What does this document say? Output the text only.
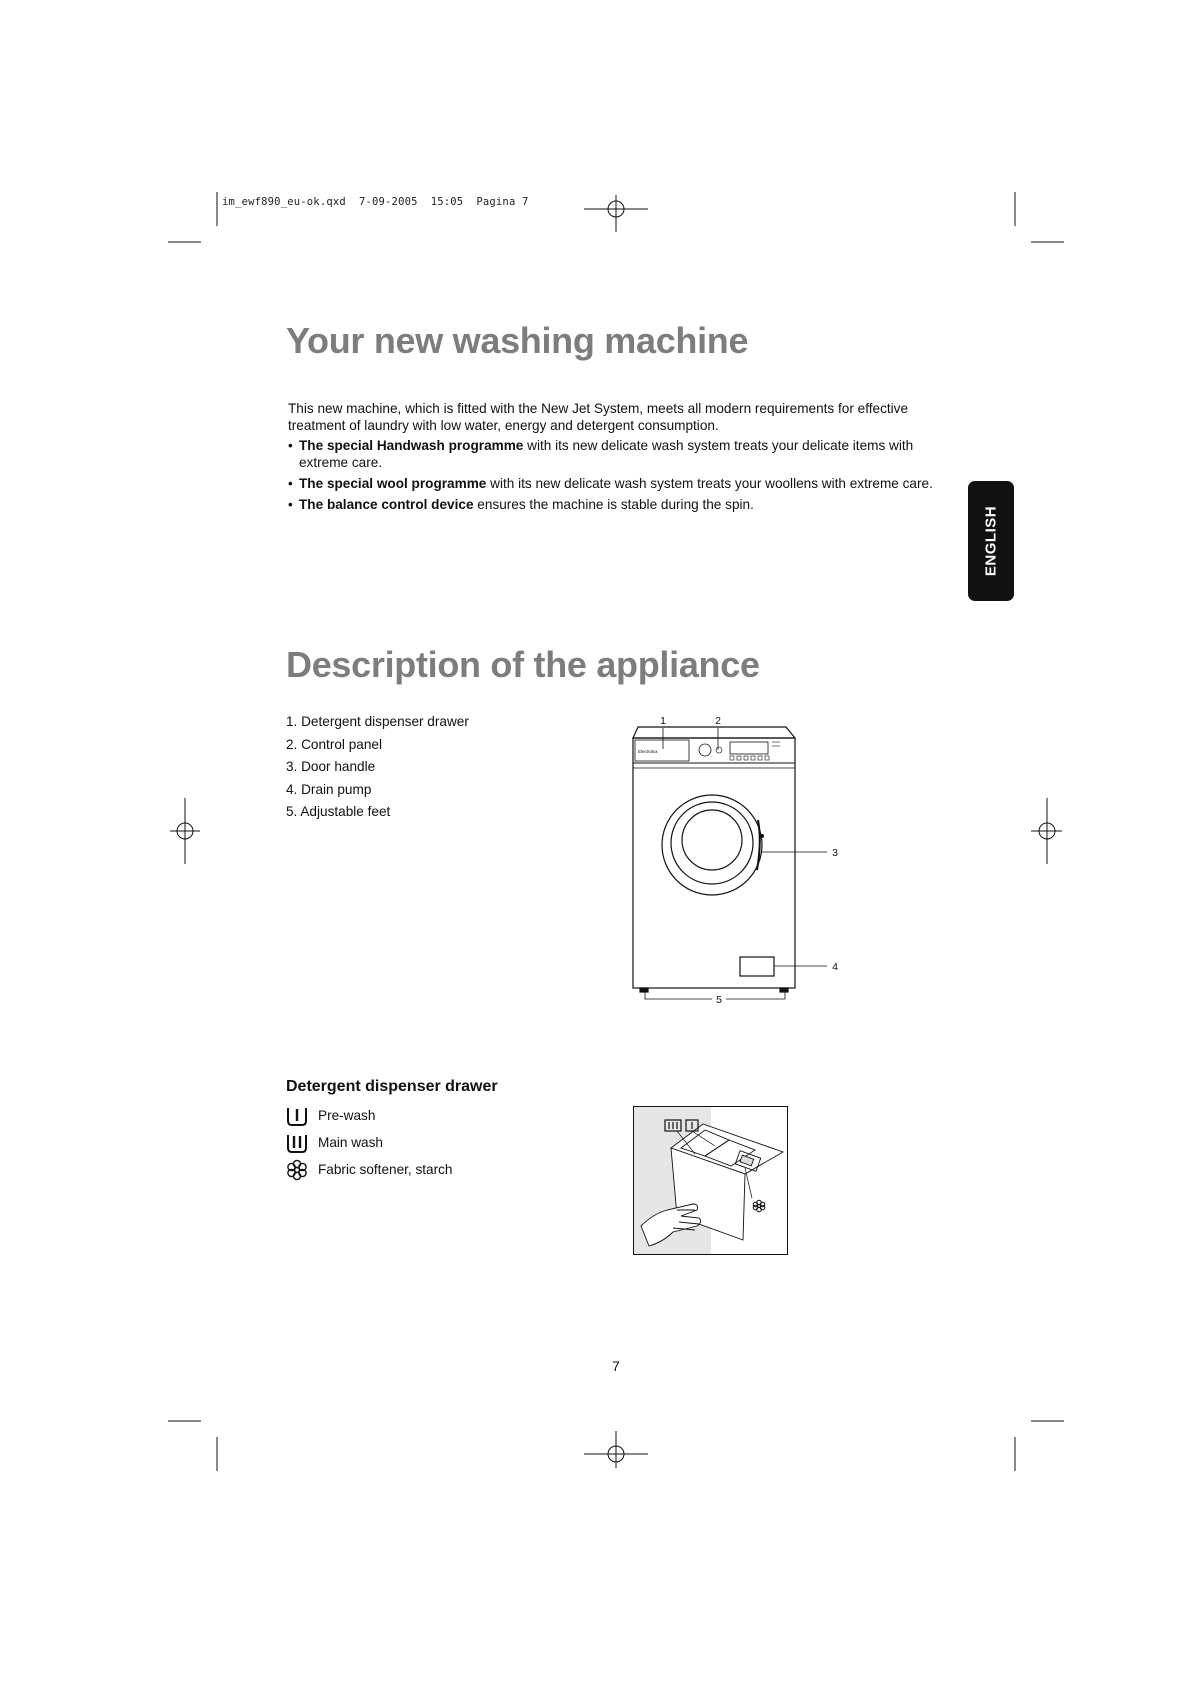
im_ewf890_eu-ok.qxd  7-09-2005  15:05  Pagina 7
Your new washing machine
This new machine, which is fitted with the New Jet System, meets all modern requirements for effective treatment of laundry with low water, energy and detergent consumption.
• The special Handwash programme with its new delicate wash system treats your delicate items with extreme care.
• The special wool programme with its new delicate wash system treats your woollens with extreme care.
• The balance control device ensures the machine is stable during the spin.
ENGLISH
Description of the appliance
1. Detergent dispenser drawer
2. Control panel
3. Door handle
4. Drain pump
5. Adjustable feet
Electrolux
1	2
3
4
5
Detergent dispenser drawer
Pre-wash
Main wash
Fabric softener, starch
7
